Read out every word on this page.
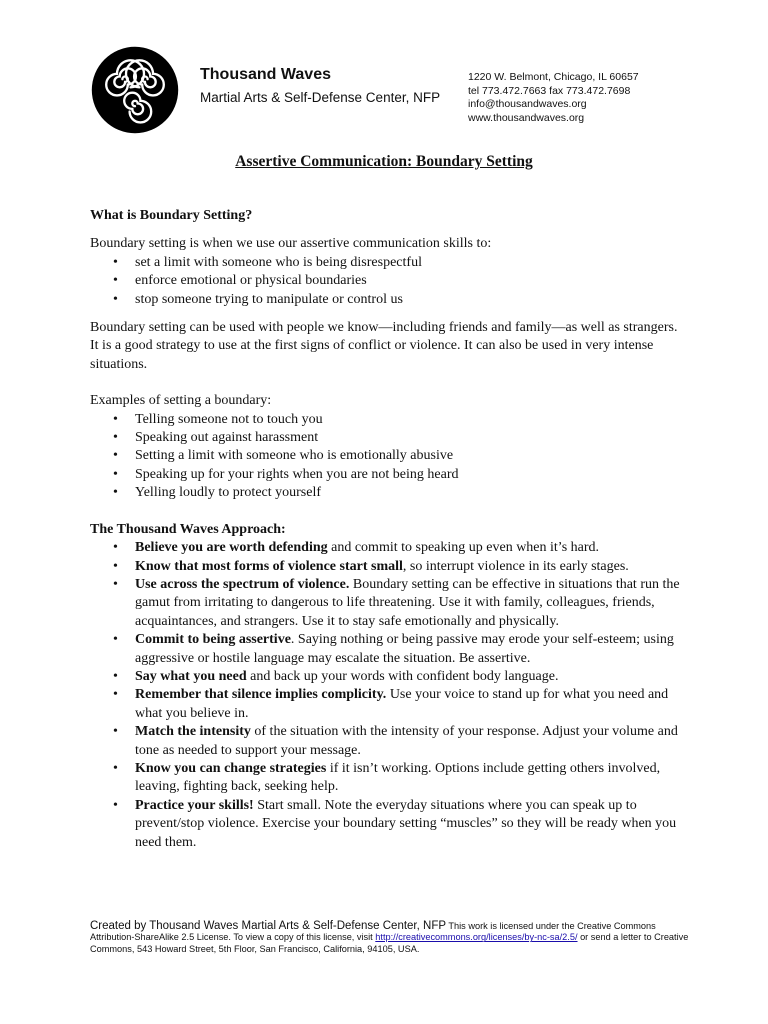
Thousand Waves
Martial Arts & Self-Defense Center, NFP
1220 W. Belmont, Chicago, IL 60657
tel 773.472.7663 fax 773.472.7698
info@thousandwaves.org
www.thousandwaves.org
Assertive Communication: Boundary Setting

What is Boundary Setting?

Boundary setting is when we use our assertive communication skills to:

• set a limit with someone who is being disrespectful
• enforce emotional or physical boundaries
• stop someone trying to manipulate or control us

Boundary setting can be used with people we know—including friends and family—as well as strangers. It is a good strategy to use at the first signs of conflict or violence. It can also be used in very intense situations.

Examples of setting a boundary:

• Telling someone not to touch you
• Speaking out against harassment
• Setting a limit with someone who is emotionally abusive
• Speaking up for your rights when you are not being heard
• Yelling loudly to protect yourself

The Thousand Waves Approach:

• Believe you are worth defending and commit to speaking up even when it’s hard.
• Know that most forms of violence start small, so interrupt violence in its early stages.
• Use across the spectrum of violence. Boundary setting can be effective in situations that run the gamut from irritating to dangerous to life threatening. Use it with family, colleagues, friends, acquaintances, and strangers. Use it to stay safe emotionally and physically.
• Commit to being assertive. Saying nothing or being passive may erode your self-esteem; using aggressive or hostile language may escalate the situation. Be assertive.
• Say what you need and back up your words with confident body language.
• Remember that silence implies complicity. Use your voice to stand up for what you need and what you believe in.
• Match the intensity of the situation with the intensity of your response. Adjust your volume and tone as needed to support your message.
• Know you can change strategies if it isn’t working. Options include getting others involved, leaving, fighting back, seeking help.
• Practice your skills! Start small. Note the everyday situations where you can speak up to prevent/stop violence. Exercise your boundary setting “muscles” so they will be ready when you need them.
Created by Thousand Waves Martial Arts & Self-Defense Center, NFP This work is licensed under the Creative Commons Attribution-ShareAlike 2.5 License. To view a copy of this license, visit http://creativecommons.org/licenses/by-nc-sa/2.5/ or send a letter to Creative Commons, 543 Howard Street, 5th Floor, San Francisco, California, 94105, USA.
